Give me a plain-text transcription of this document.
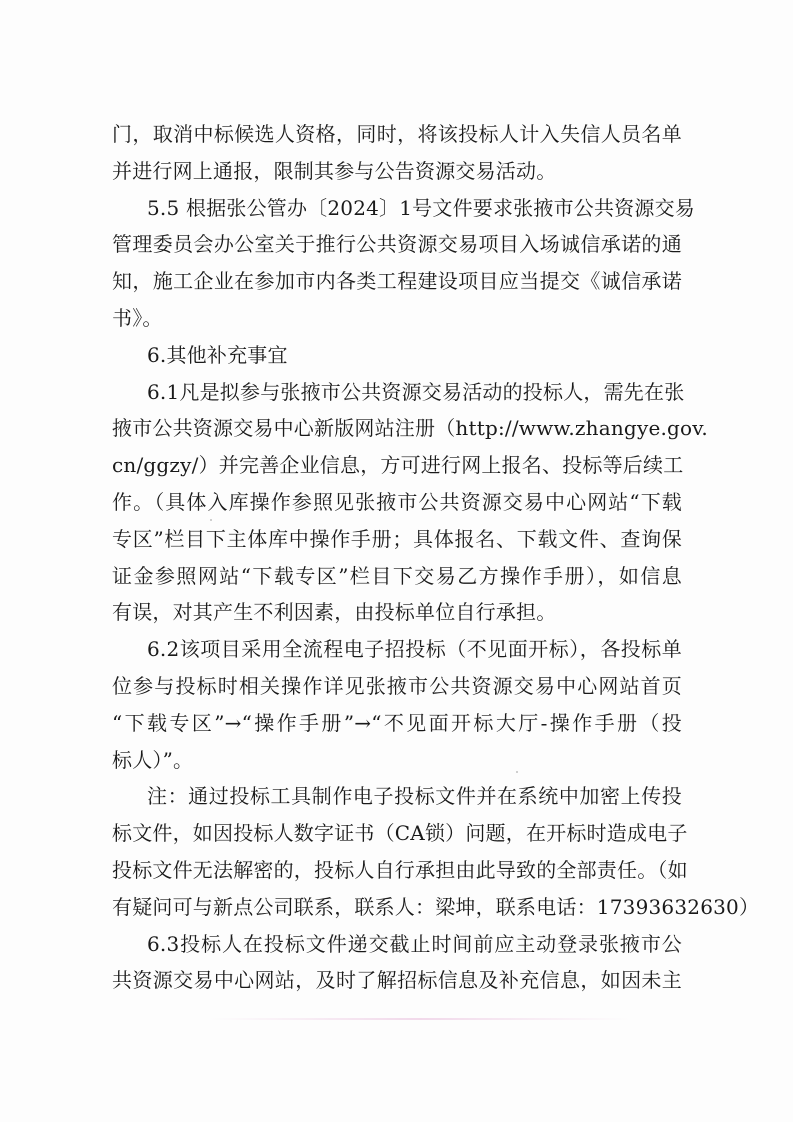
门，取消中标候选人资格，同时，将该投标人计入失信人员名单
并进行网上通报，限制其参与公告资源交易活动。
5.5 根据张公管办〔2024〕1号文件要求张掖市公共资源交易
管理委员会办公室关于推行公共资源交易项目入场诚信承诺的通
知，施工企业在参加市内各类工程建设项目应当提交《诚信承诺
书》。
6.其他补充事宜
6.1凡是拟参与张掖市公共资源交易活动的投标人，需先在张
掖市公共资源交易中心新版网站注册（http://www.zhangye.gov.
cn/ggzy/）并完善企业信息，方可进行网上报名、投标等后续工
作。（具体入库操作参照见张掖市公共资源交易中心网站“下载
专区”栏目下主体库中操作手册；具体报名、下载文件、查询保
证金参照网站“下载专区”栏目下交易乙方操作手册），如信息
有误，对其产生不利因素，由投标单位自行承担。
6.2该项目采用全流程电子招投标（不见面开标），各投标单
位参与投标时相关操作详见张掖市公共资源交易中心网站首页
“下载专区”→“操作手册”→“不见面开标大厅-操作手册（投
标人）”。
注：通过投标工具制作电子投标文件并在系统中加密上传投
标文件，如因投标人数字证书（CA锁）问题，在开标时造成电子
投标文件无法解密的，投标人自行承担由此导致的全部责任。（如
有疑问可与新点公司联系，联系人：梁坤，联系电话：17393632630）
6.3投标人在投标文件递交截止时间前应主动登录张掖市公
共资源交易中心网站，及时了解招标信息及补充信息，如因未主
